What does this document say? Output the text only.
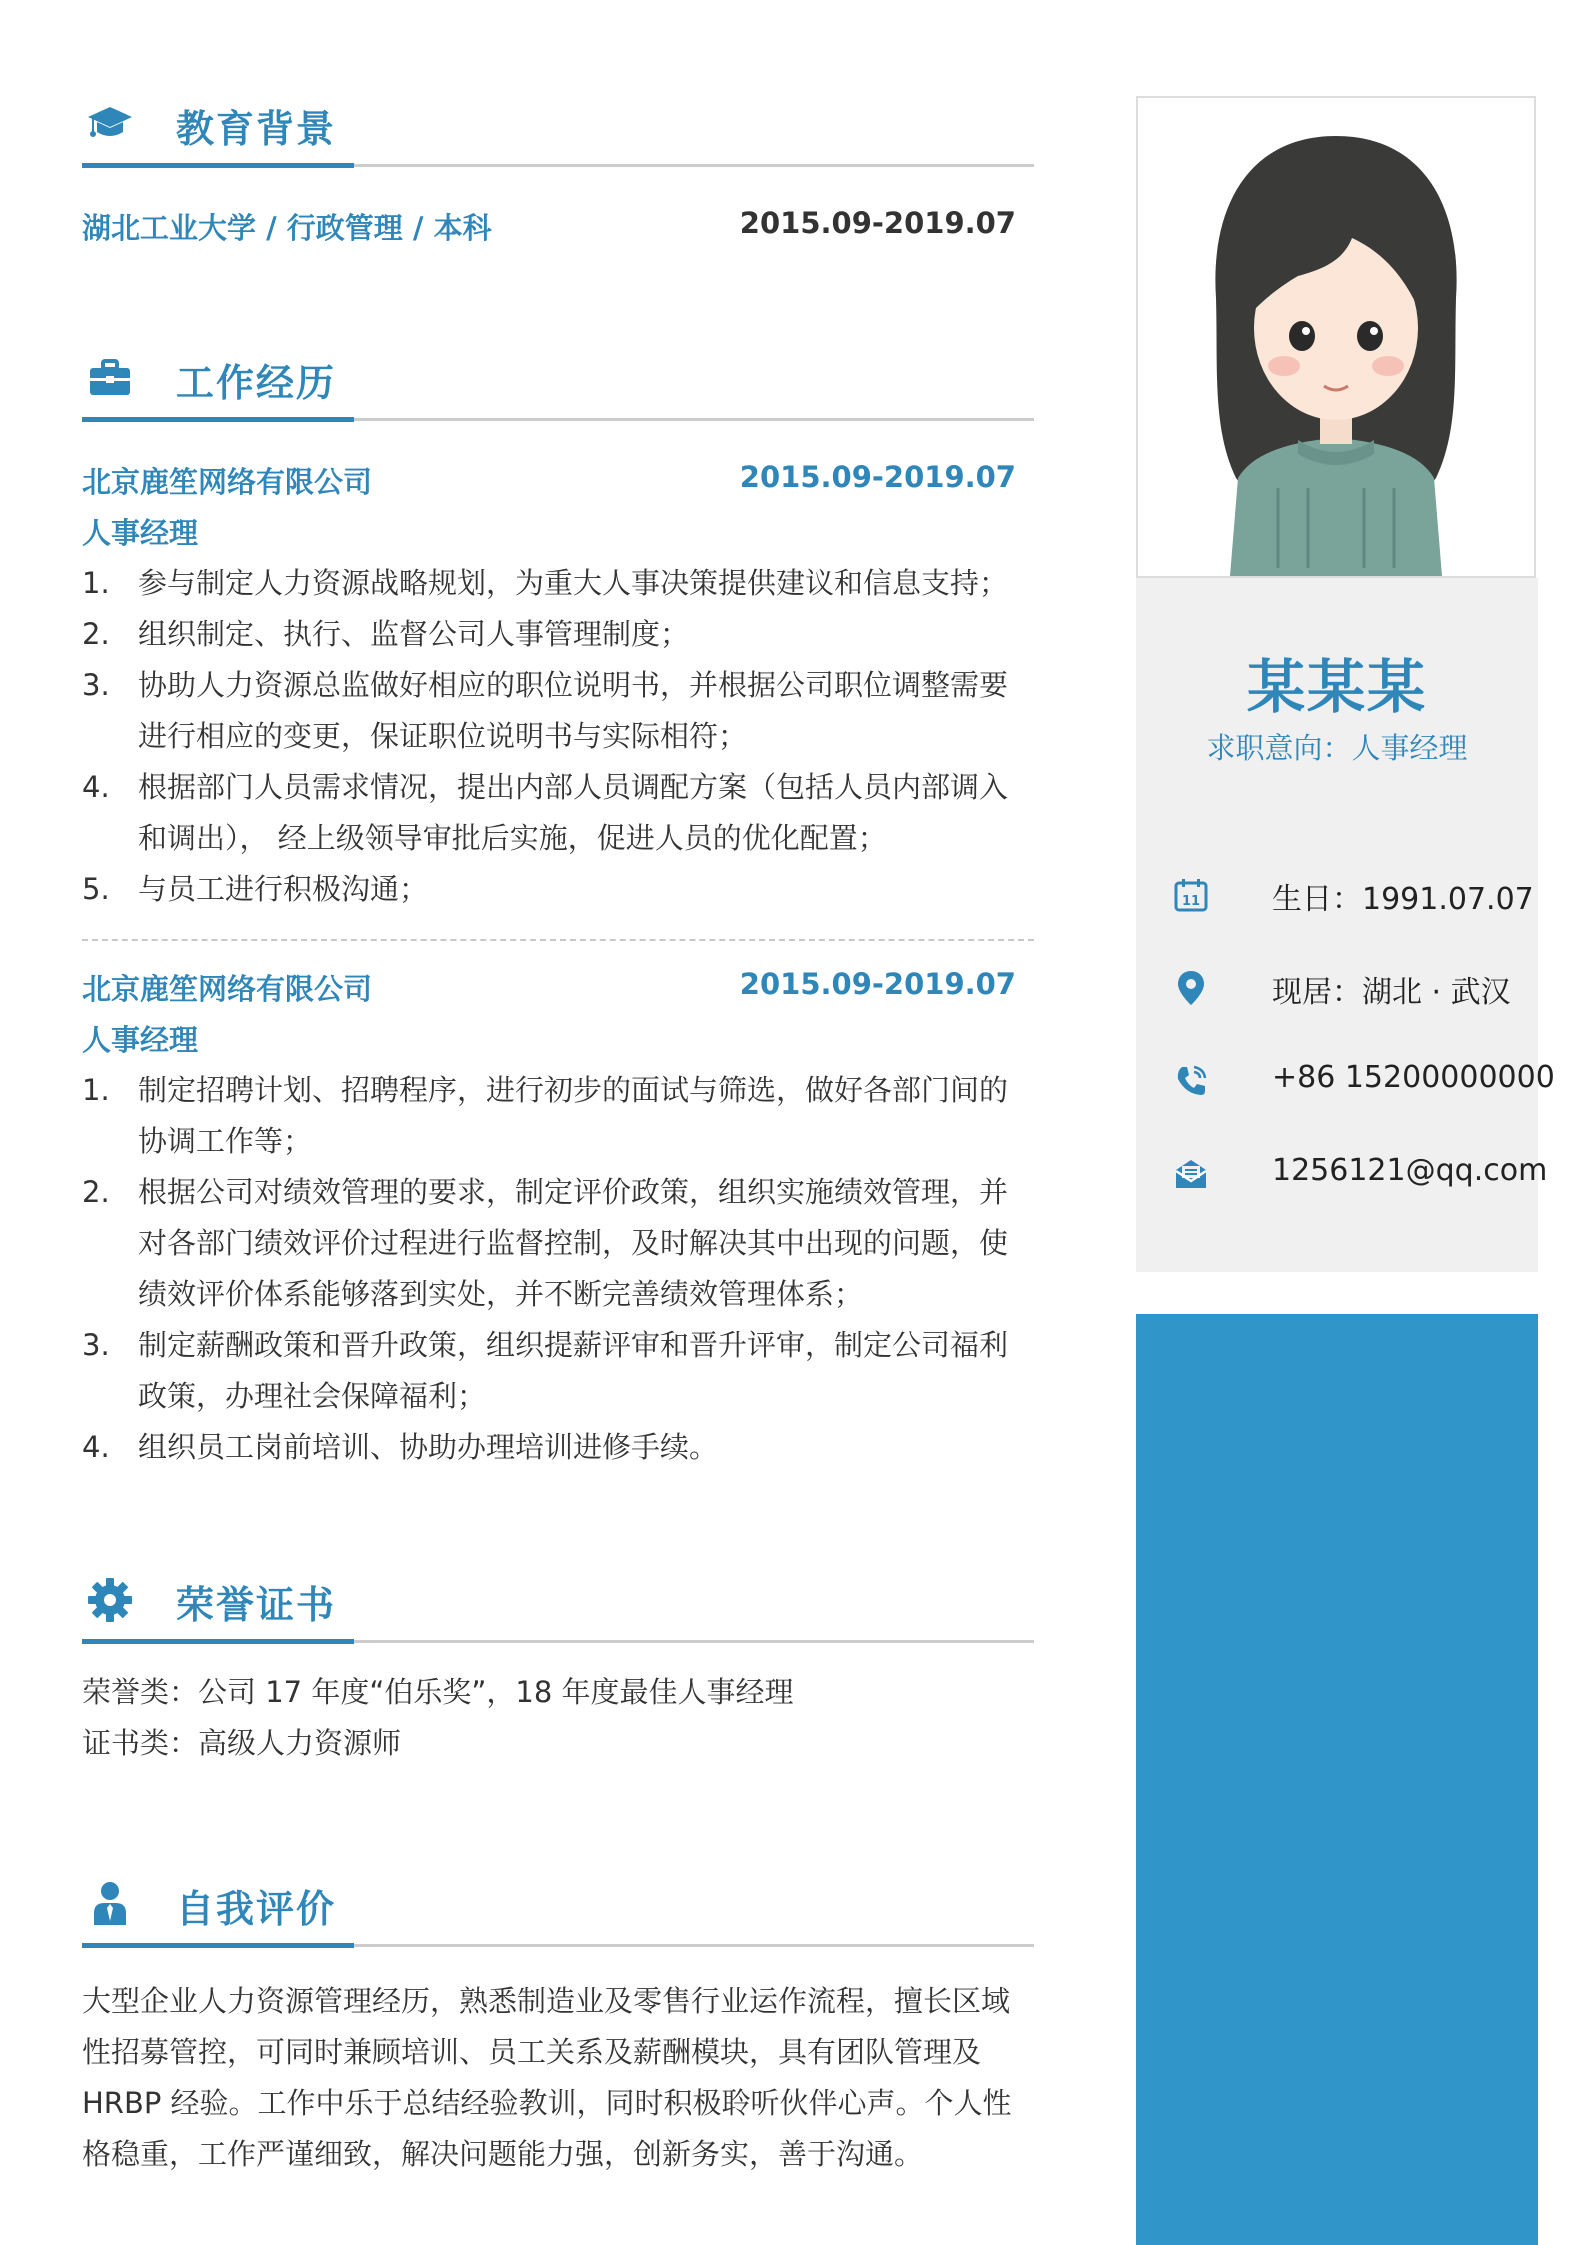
教育背景
湖北工业大学 / 行政管理 / 本科	2015.09-2019.07
工作经历
北京鹿笙网络有限公司	2015.09-2019.07
人事经理
1. 参与制定人力资源战略规划，为重大人事决策提供建议和信息支持；
2. 组织制定、执行、监督公司人事管理制度；
3. 协助人力资源总监做好相应的职位说明书，并根据公司职位调整需要进行相应的变更，保证职位说明书与实际相符；
4. 根据部门人员需求情况，提出内部人员调配方案（包括人员内部调入和调出）， 经上级领导审批后实施，促进人员的优化配置；
5. 与员工进行积极沟通；
北京鹿笙网络有限公司	2015.09-2019.07
人事经理
1. 制定招聘计划、招聘程序，进行初步的面试与筛选，做好各部门间的协调工作等；
2. 根据公司对绩效管理的要求，制定评价政策，组织实施绩效管理，并对各部门绩效评价过程进行监督控制，及时解决其中出现的问题，使绩效评价体系能够落到实处，并不断完善绩效管理体系；
3. 制定薪酬政策和晋升政策，组织提薪评审和晋升评审，制定公司福利政策，办理社会保障福利；
4. 组织员工岗前培训、协助办理培训进修手续。
荣誉证书
荣誉类：公司 17 年度“伯乐奖”，18 年度最佳人事经理
证书类：高级人力资源师
自我评价
大型企业人力资源管理经历，熟悉制造业及零售行业运作流程，擅长区域性招募管控，可同时兼顾培训、员工关系及薪酬模块，具有团队管理及 HRBP 经验。工作中乐于总结经验教训，同时积极聆听伙伴心声。个人性格稳重，工作严谨细致，解决问题能力强，创新务实，善于沟通。
某某某
求职意向：人事经理
11 生日：1991.07.07
现居：湖北 · 武汉
+86 15200000000
1256121@qq.com
